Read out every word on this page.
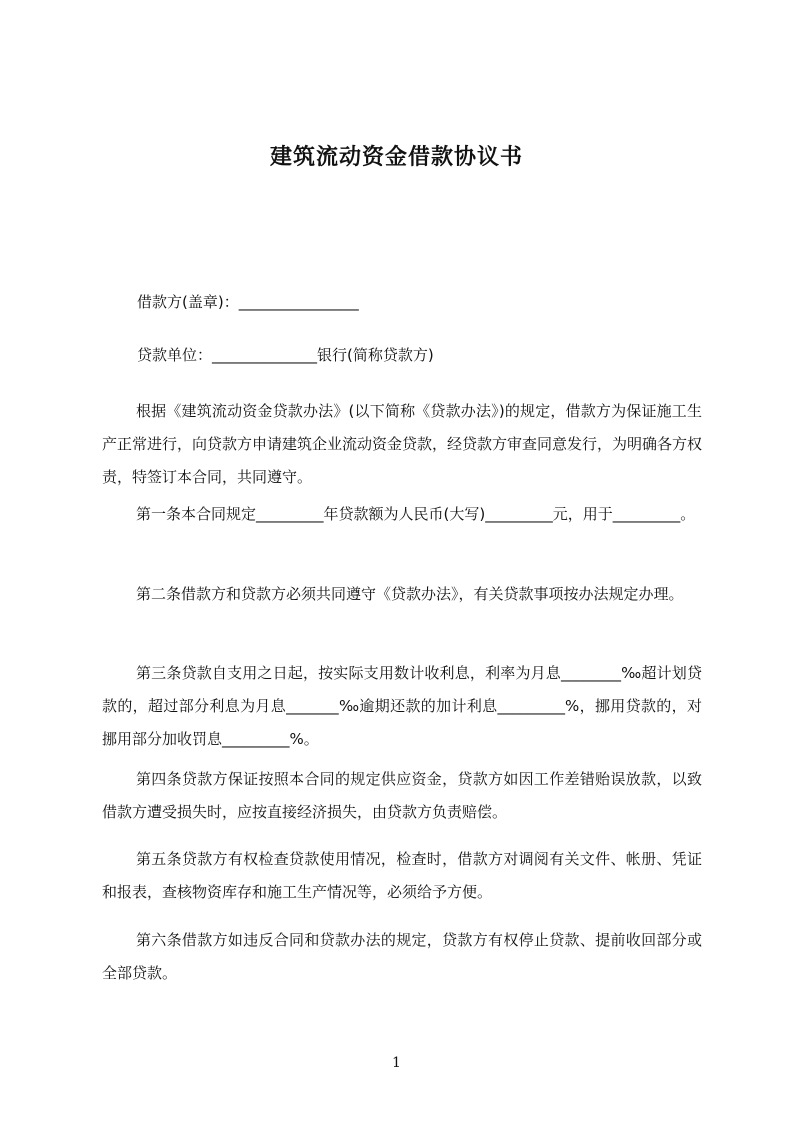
建筑流动资金借款协议书
借款方(盖章)：________________
贷款单位：______________银行(简称贷款方)
根据《建筑流动资金贷款办法》(以下简称《贷款办法》)的规定，借款方为保证施工生产正常进行，向贷款方申请建筑企业流动资金贷款，经贷款方审查同意发行，为明确各方权责，特签订本合同，共同遵守。
第一条本合同规定_________年贷款额为人民币(大写)_________元，用于_________。
第二条借款方和贷款方必须共同遵守《贷款办法》，有关贷款事项按办法规定办理。
第三条贷款自支用之日起，按实际支用数计收利息，利率为月息________‰超计划贷款的，超过部分利息为月息_______‰逾期还款的加计利息_________%，挪用贷款的，对挪用部分加收罚息_________%。
第四条贷款方保证按照本合同的规定供应资金，贷款方如因工作差错贻误放款，以致借款方遭受损失时，应按直接经济损失，由贷款方负责赔偿。
第五条贷款方有权检查贷款使用情况，检查时，借款方对调阅有关文件、帐册、凭证和报表，查核物资库存和施工生产情况等，必须给予方便。
第六条借款方如违反合同和贷款办法的规定，贷款方有权停止贷款、提前收回部分或全部贷款。
1
